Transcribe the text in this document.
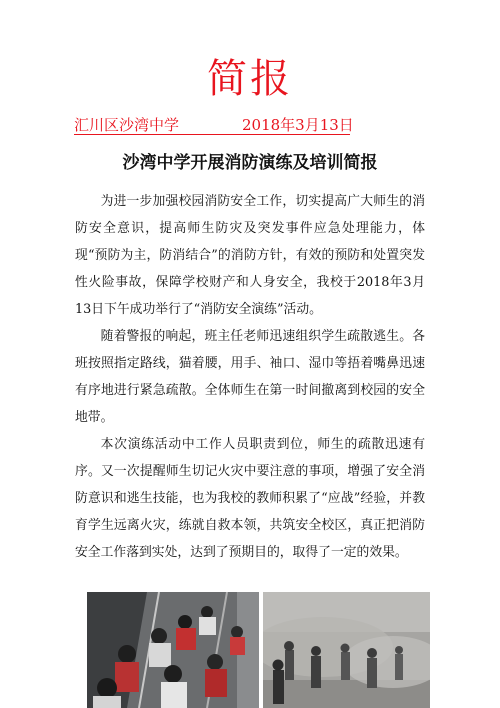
简报
汇川区沙湾中学	2018年3月13日
沙湾中学开展消防演练及培训简报

为进一步加强校园消防安全工作，切实提高广大师生的消防安全意识，提高师生防灾及突发事件应急处理能力，体现“预防为主，防消结合”的消防方针，有效的预防和处置突发性火险事故，保障学校财产和人身安全，我校于2018年3月13日下午成功举行了“消防安全演练”活动。

随着警报的响起，班主任老师迅速组织学生疏散逃生。各班按照指定路线，猫着腰，用手、袖口、湿巾等捂着嘴鼻迅速有序地进行紧急疏散。全体师生在第一时间撤离到校园的安全地带。

本次演练活动中工作人员职责到位，师生的疏散迅速有序。又一次提醒师生切记火灾中要注意的事项，增强了安全消防意识和逃生技能，也为我校的教师积累了“应战”经验，并教育学生远离火灾，练就自救本领，共筑安全校区，真正把消防安全工作落到实处，达到了预期目的，取得了一定的效果。
